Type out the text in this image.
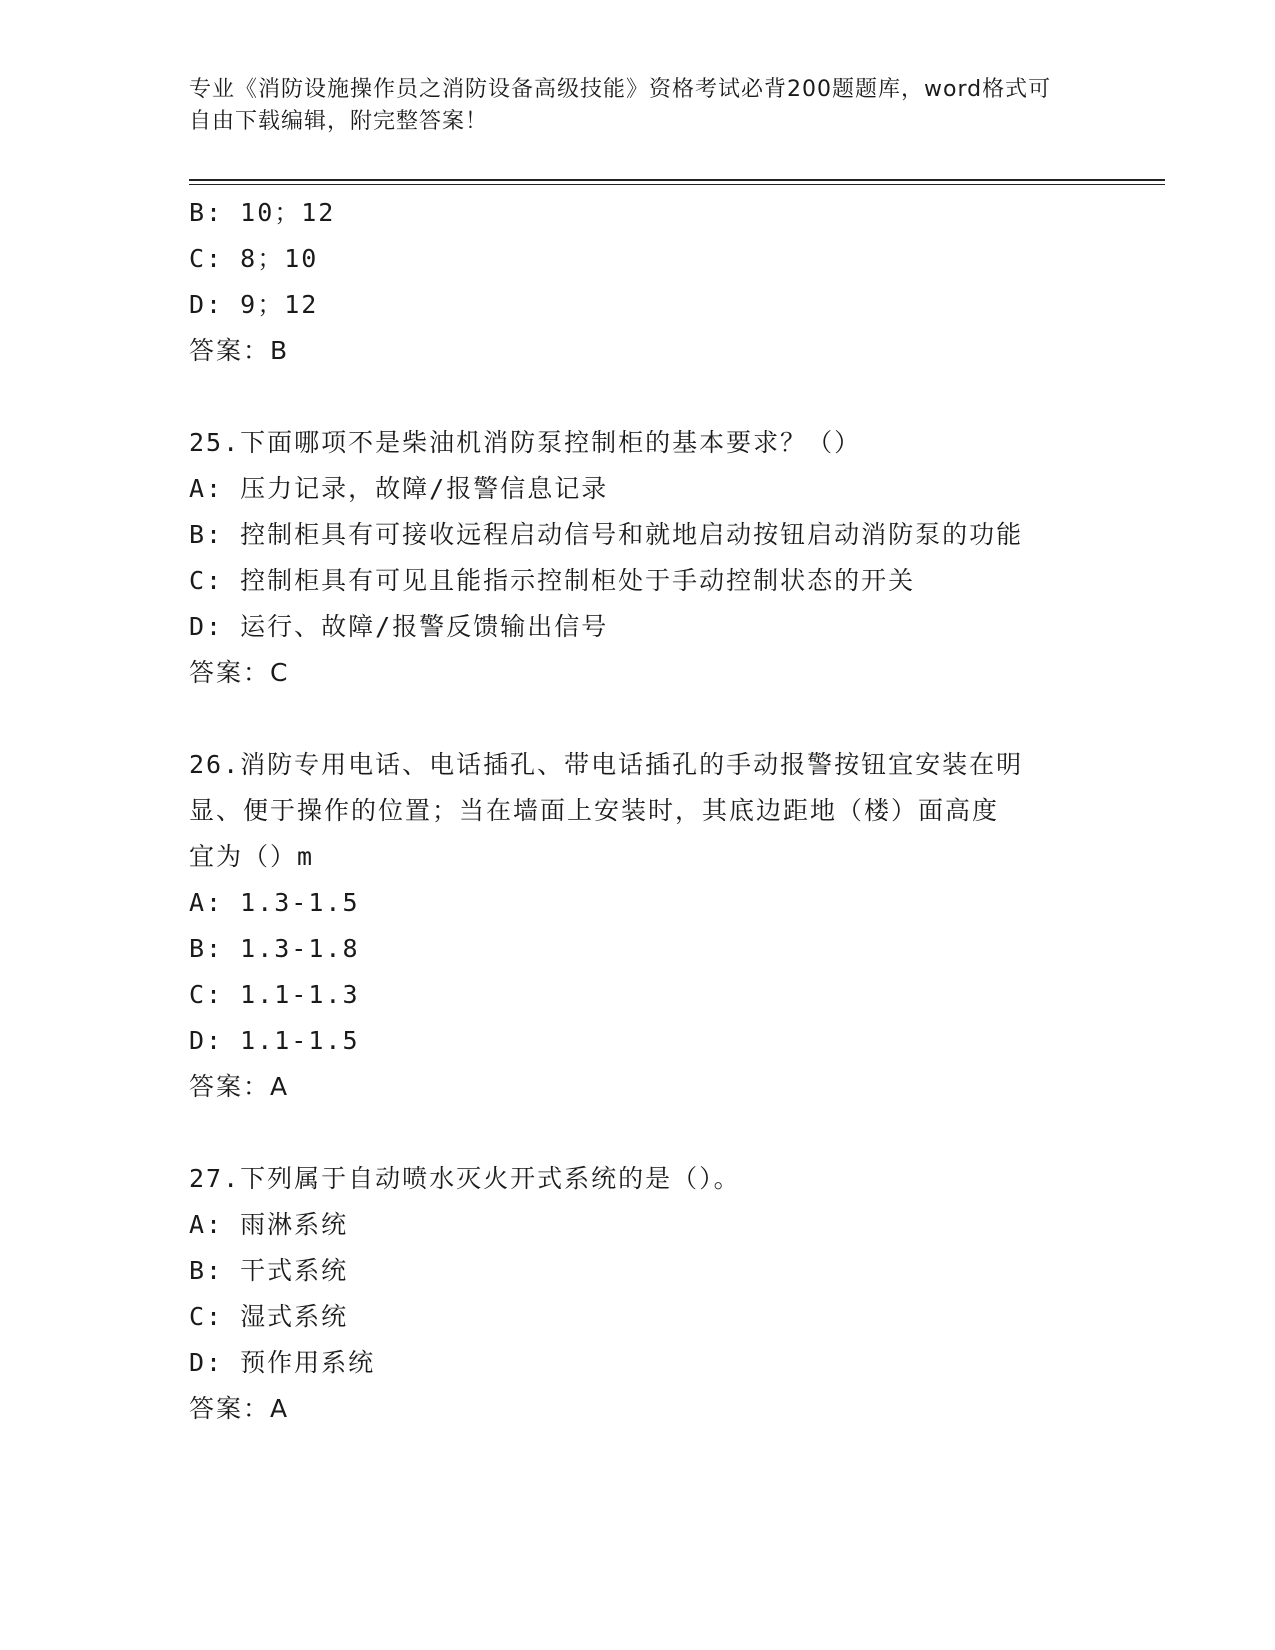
专业《消防设施操作员之消防设备高级技能》资格考试必背200题题库，word格式可自由下载编辑，附完整答案！
B: 10；12
C: 8；10
D: 9；12
答案：B
25.下面哪项不是柴油机消防泵控制柜的基本要求？（）
A: 压力记录，故障/报警信息记录
B: 控制柜具有可接收远程启动信号和就地启动按钮启动消防泵的功能
C: 控制柜具有可见且能指示控制柜处于手动控制状态的开关
D: 运行、故障/报警反馈输出信号
答案：C
26.消防专用电话、电话插孔、带电话插孔的手动报警按钮宜安装在明
显、便于操作的位置；当在墙面上安装时，其底边距地（楼）面高度
宜为（）m
A: 1.3-1.5
B: 1.3-1.8
C: 1.1-1.3
D: 1.1-1.5
答案：A
27.下列属于自动喷水灭火开式系统的是（）。
A: 雨淋系统
B: 干式系统
C: 湿式系统
D: 预作用系统
答案：A
